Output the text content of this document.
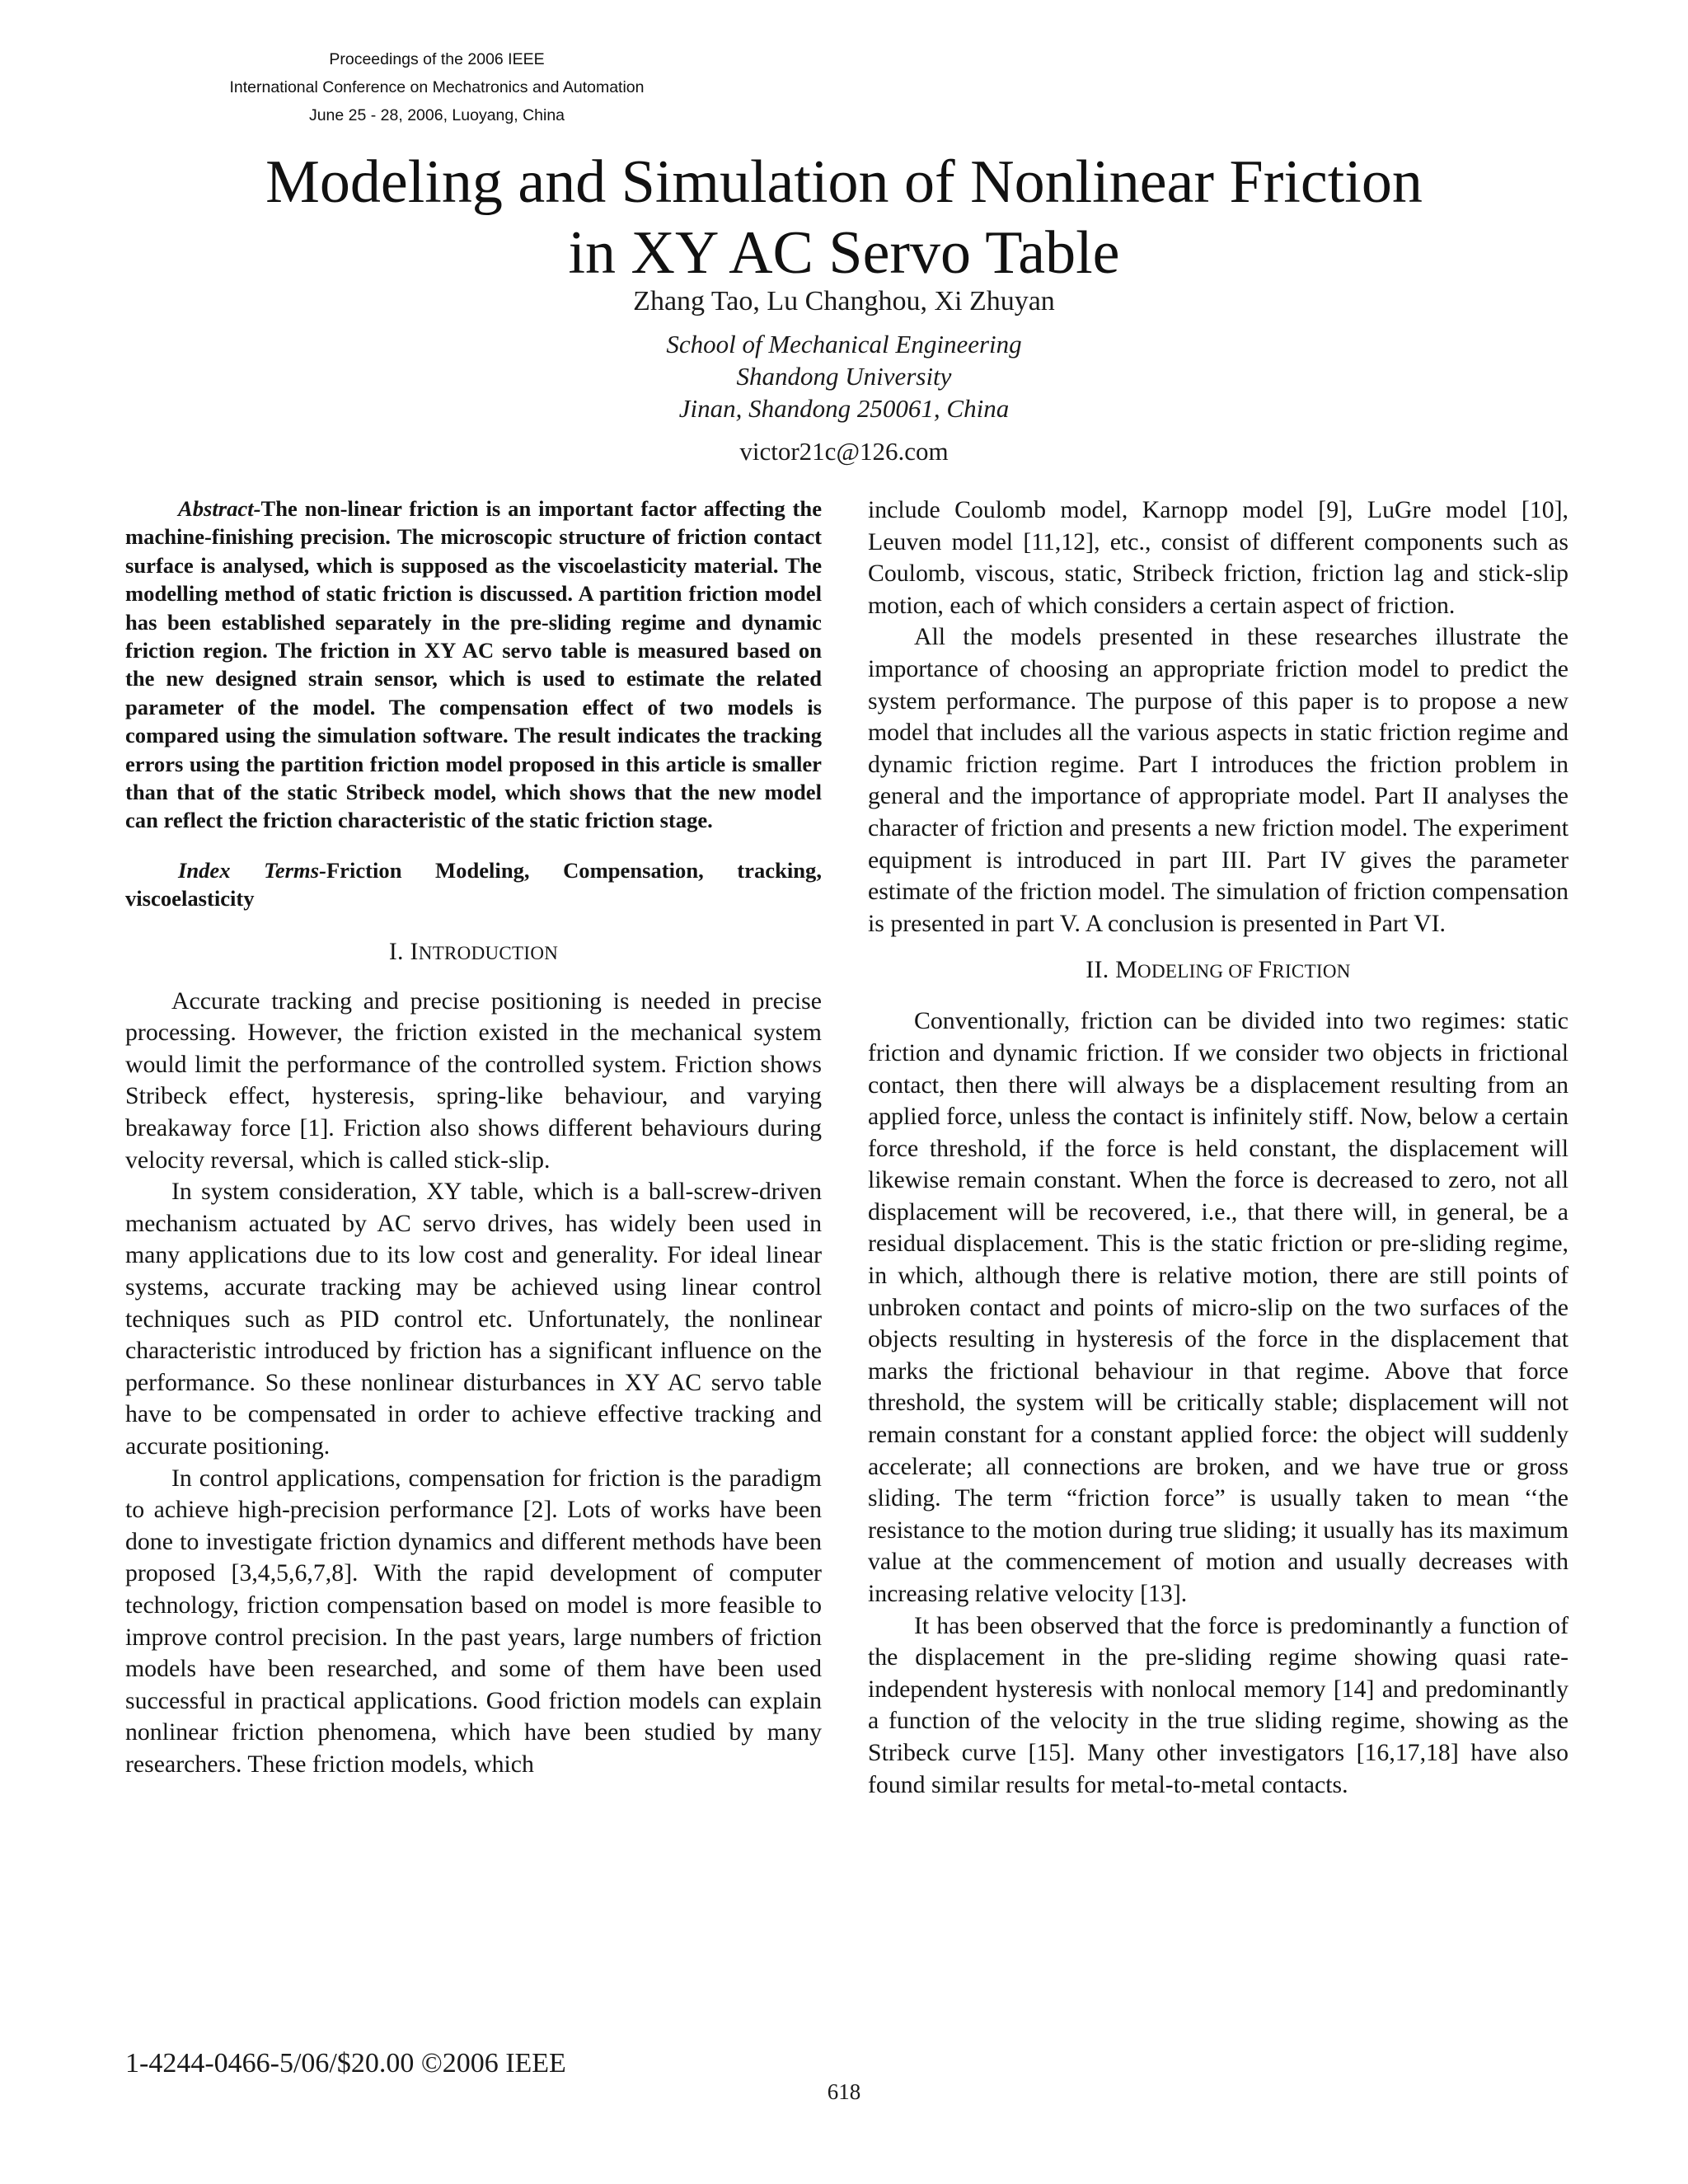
Proceedings of the 2006 IEEE
International Conference on Mechatronics and Automation
June 25 - 28, 2006, Luoyang, China
Modeling and Simulation of Nonlinear Friction
in XY AC Servo Table
Zhang Tao, Lu Changhou, Xi Zhuyan
School of Mechanical Engineering
Shandong University
Jinan, Shandong 250061, China
victor21c@126.com

Abstract-The non-linear friction is an important factor affecting the machine-finishing precision. The microscopic structure of friction contact surface is analysed, which is supposed as the viscoelasticity material. The modelling method of static friction is discussed. A partition friction model has been established separately in the pre-sliding regime and dynamic friction region. The friction in XY AC servo table is measured based on the new designed strain sensor, which is used to estimate the related parameter of the model. The compensation effect of two models is compared using the simulation software. The result indicates the tracking errors using the partition friction model proposed in this article is smaller than that of the static Stribeck model, which shows that the new model can reflect the friction characteristic of the static friction stage.

Index Terms-Friction Modeling, Compensation, tracking, viscoelasticity

I. INTRODUCTION

Accurate tracking and precise positioning is needed in precise processing. However, the friction existed in the mechanical system would limit the performance of the controlled system. Friction shows Stribeck effect, hysteresis, spring-like behaviour, and varying breakaway force [1]. Friction also shows different behaviours during velocity reversal, which is called stick-slip.

In system consideration, XY table, which is a ball-screw-driven mechanism actuated by AC servo drives, has widely been used in many applications due to its low cost and generality. For ideal linear systems, accurate tracking may be achieved using linear control techniques such as PID control etc. Unfortunately, the nonlinear characteristic introduced by friction has a significant influence on the performance. So these nonlinear disturbances in XY AC servo table have to be compensated in order to achieve effective tracking and accurate positioning.

In control applications, compensation for friction is the paradigm to achieve high-precision performance [2]. Lots of works have been done to investigate friction dynamics and different methods have been proposed [3,4,5,6,7,8]. With the rapid development of computer technology, friction compensation based on model is more feasible to improve control precision. In the past years, large numbers of friction models have been researched, and some of them have been used successful in practical applications. Good friction models can explain nonlinear friction phenomena, which have been studied by many researchers. These friction models, which

include Coulomb model, Karnopp model [9], LuGre model [10], Leuven model [11,12], etc., consist of different components such as Coulomb, viscous, static, Stribeck friction, friction lag and stick-slip motion, each of which considers a certain aspect of friction.

All the models presented in these researches illustrate the importance of choosing an appropriate friction model to predict the system performance. The purpose of this paper is to propose a new model that includes all the various aspects in static friction regime and dynamic friction regime. Part I introduces the friction problem in general and the importance of appropriate model. Part II analyses the character of friction and presents a new friction model. The experiment equipment is introduced in part III. Part IV gives the parameter estimate of the friction model. The simulation of friction compensation is presented in part V. A conclusion is presented in Part VI.

II. MODELING OF FRICTION

Conventionally, friction can be divided into two regimes: static friction and dynamic friction. If we consider two objects in frictional contact, then there will always be a displacement resulting from an applied force, unless the contact is infinitely stiff. Now, below a certain force threshold, if the force is held constant, the displacement will likewise remain constant. When the force is decreased to zero, not all displacement will be recovered, i.e., that there will, in general, be a residual displacement. This is the static friction or pre-sliding regime, in which, although there is relative motion, there are still points of unbroken contact and points of micro-slip on the two surfaces of the objects resulting in hysteresis of the force in the displacement that marks the frictional behaviour in that regime. Above that force threshold, the system will be critically stable; displacement will not remain constant for a constant applied force: the object will suddenly accelerate; all connections are broken, and we have true or gross sliding. The term “friction force” is usually taken to mean ‘‘the resistance to the motion during true sliding; it usually has its maximum value at the commencement of motion and usually decreases with increasing relative velocity [13].

It has been observed that the force is predominantly a function of the displacement in the pre-sliding regime showing quasi rate-independent hysteresis with nonlocal memory [14] and predominantly a function of the velocity in the true sliding regime, showing as the Stribeck curve [15]. Many other investigators [16,17,18] have also found similar results for metal-to-metal contacts.

1-4244-0466-5/06/$20.00 ©2006 IEEE
618
